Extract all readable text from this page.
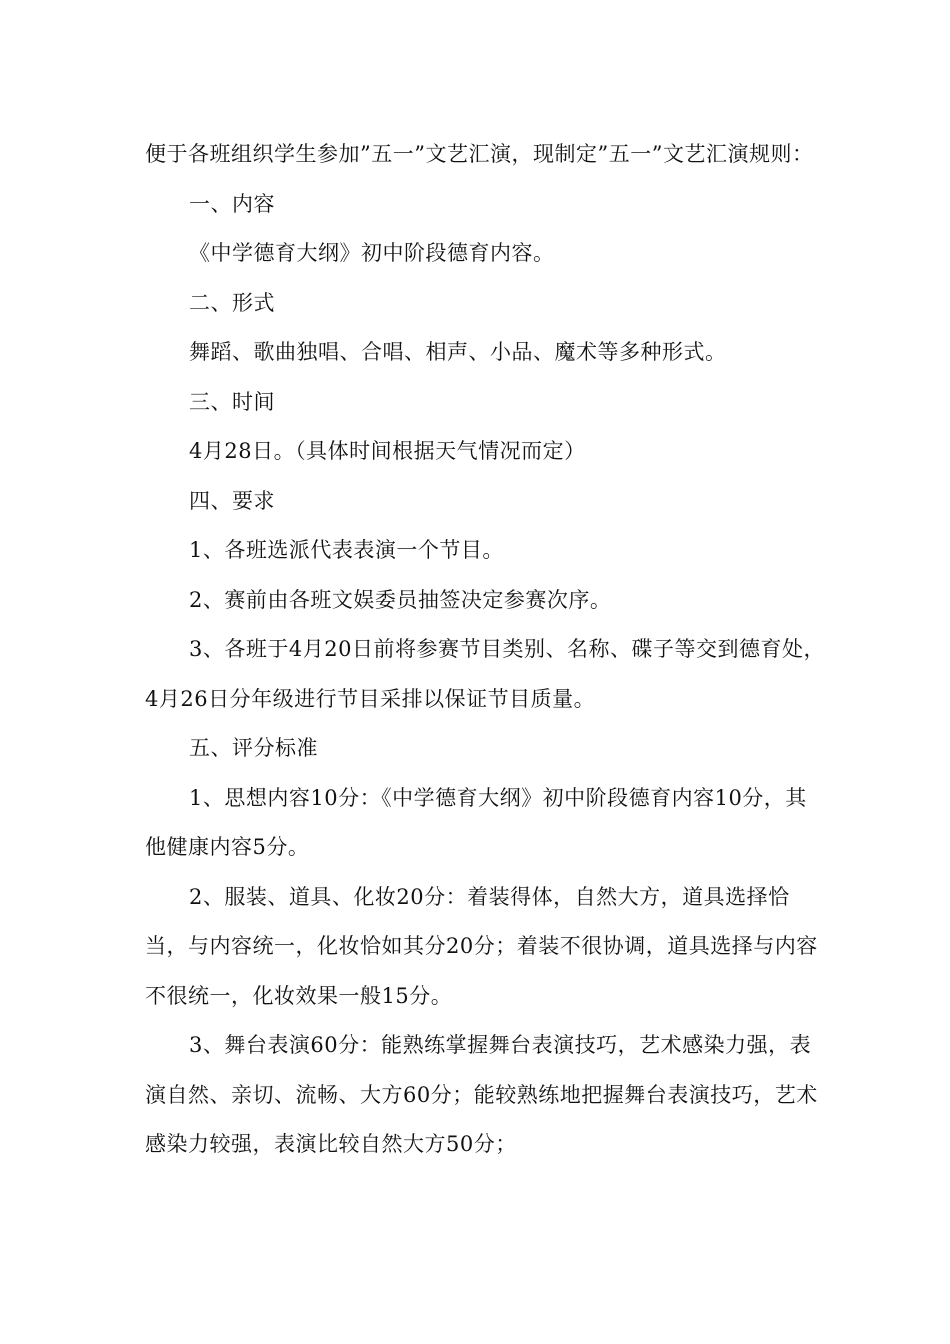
便于各班组织学生参加”五一”文艺汇演，现制定”五一”文艺汇演规则：

一、内容

《中学德育大纲》初中阶段德育内容。

二、形式

舞蹈、歌曲独唱、合唱、相声、小品、魔术等多种形式。

三、时间

4月28日。（具体时间根据天气情况而定）

四、要求

1、各班选派代表表演一个节目。

2、赛前由各班文娱委员抽签决定参赛次序。

3、各班于4月20日前将参赛节目类别、名称、碟子等交到德育处，4月26日分年级进行节目采排以保证节目质量。

五、评分标准

1、思想内容10分：《中学德育大纲》初中阶段德育内容10分，其他健康内容5分。

2、服装、道具、化妆20分：着装得体，自然大方，道具选择恰当，与内容统一，化妆恰如其分20分；着装不很协调，道具选择与内容不很统一，化妆效果一般15分。

3、舞台表演60分：能熟练掌握舞台表演技巧，艺术感染力强，表演自然、亲切、流畅、大方60分；能较熟练地把握舞台表演技巧，艺术感染力较强，表演比较自然大方50分；
